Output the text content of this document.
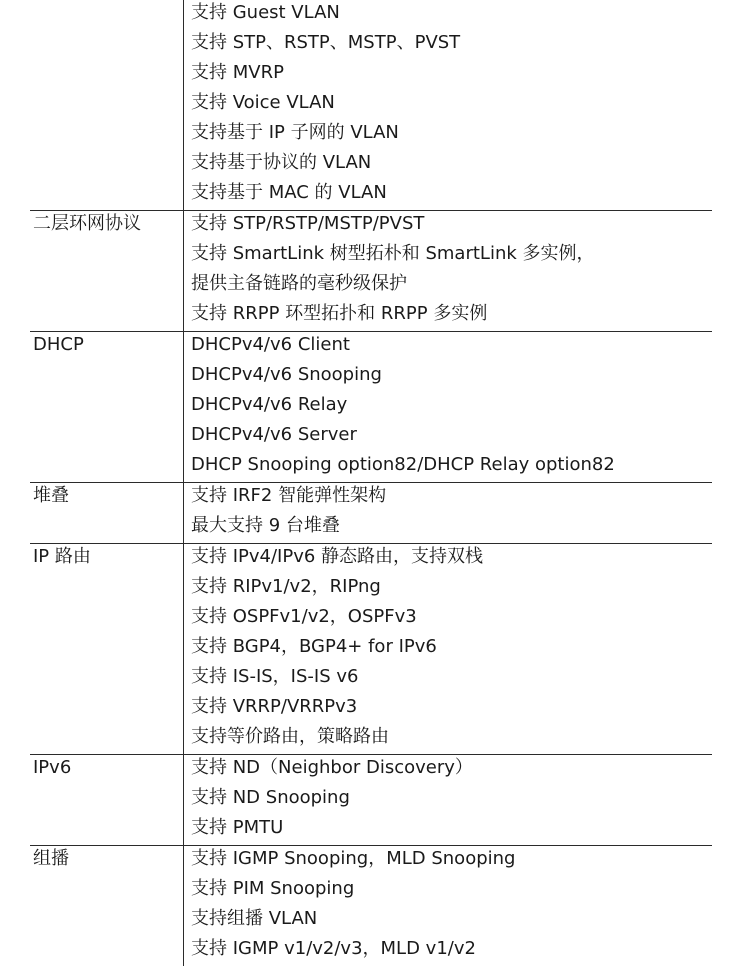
支持 Guest VLAN
支持 STP、RSTP、MSTP、PVST
支持 MVRP
支持 Voice VLAN
支持基于 IP 子网的 VLAN
支持基于协议的 VLAN
支持基于 MAC 的 VLAN
二层环网协议	支持 STP/RSTP/MSTP/PVST
支持 SmartLink 树型拓朴和 SmartLink 多实例，
提供主备链路的毫秒级保护
支持 RRPP 环型拓扑和 RRPP 多实例
DHCP	DHCPv4/v6 Client
DHCPv4/v6 Snooping
DHCPv4/v6 Relay
DHCPv4/v6 Server
DHCP Snooping option82/DHCP Relay option82
堆叠	支持 IRF2 智能弹性架构
最大支持 9 台堆叠
IP 路由	支持 IPv4/IPv6 静态路由，支持双栈
支持 RIPv1/v2，RIPng
支持 OSPFv1/v2，OSPFv3
支持 BGP4，BGP4+ for IPv6
支持 IS-IS，IS-IS v6
支持 VRRP/VRRPv3
支持等价路由，策略路由
IPv6	支持 ND（Neighbor Discovery）
支持 ND Snooping
支持 PMTU
组播	支持 IGMP Snooping，MLD Snooping
支持 PIM Snooping
支持组播 VLAN
支持 IGMP v1/v2/v3，MLD v1/v2
